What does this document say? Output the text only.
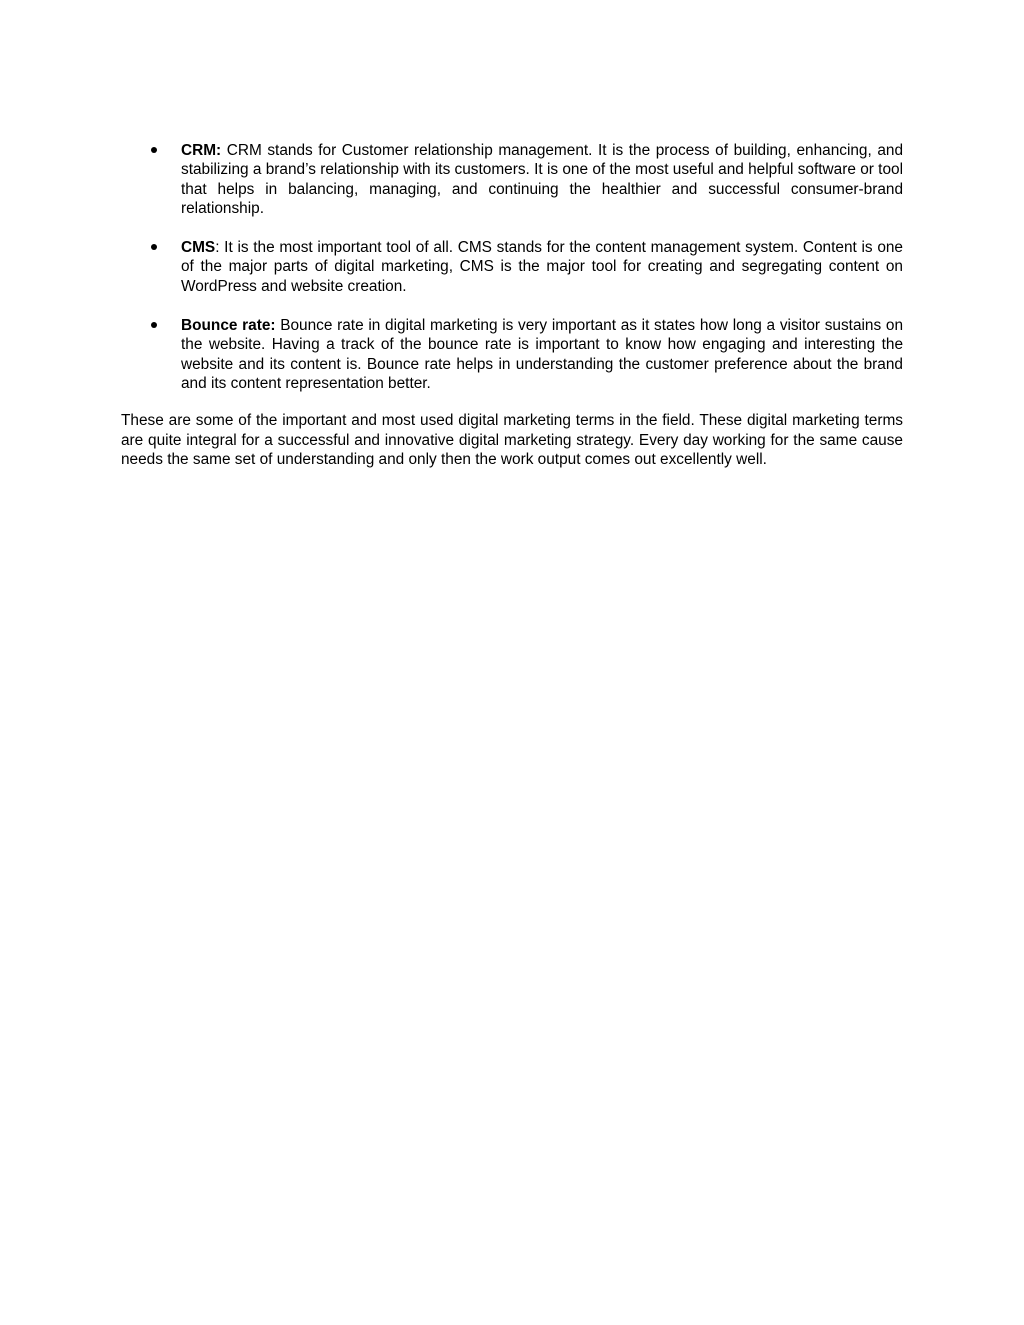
CRM: CRM stands for Customer relationship management. It is the process of building, enhancing, and stabilizing a brand’s relationship with its customers. It is one of the most useful and helpful software or tool that helps in balancing, managing, and continuing the healthier and successful consumer-brand relationship.
CMS: It is the most important tool of all. CMS stands for the content management system. Content is one of the major parts of digital marketing, CMS is the major tool for creating and segregating content on WordPress and website creation.
Bounce rate: Bounce rate in digital marketing is very important as it states how long a visitor sustains on the website. Having a track of the bounce rate is important to know how engaging and interesting the website and its content is. Bounce rate helps in understanding the customer preference about the brand and its content representation better.

These are some of the important and most used digital marketing terms in the field. These digital marketing terms are quite integral for a successful and innovative digital marketing strategy. Every day working for the same cause needs the same set of understanding and only then the work output comes out excellently well.
